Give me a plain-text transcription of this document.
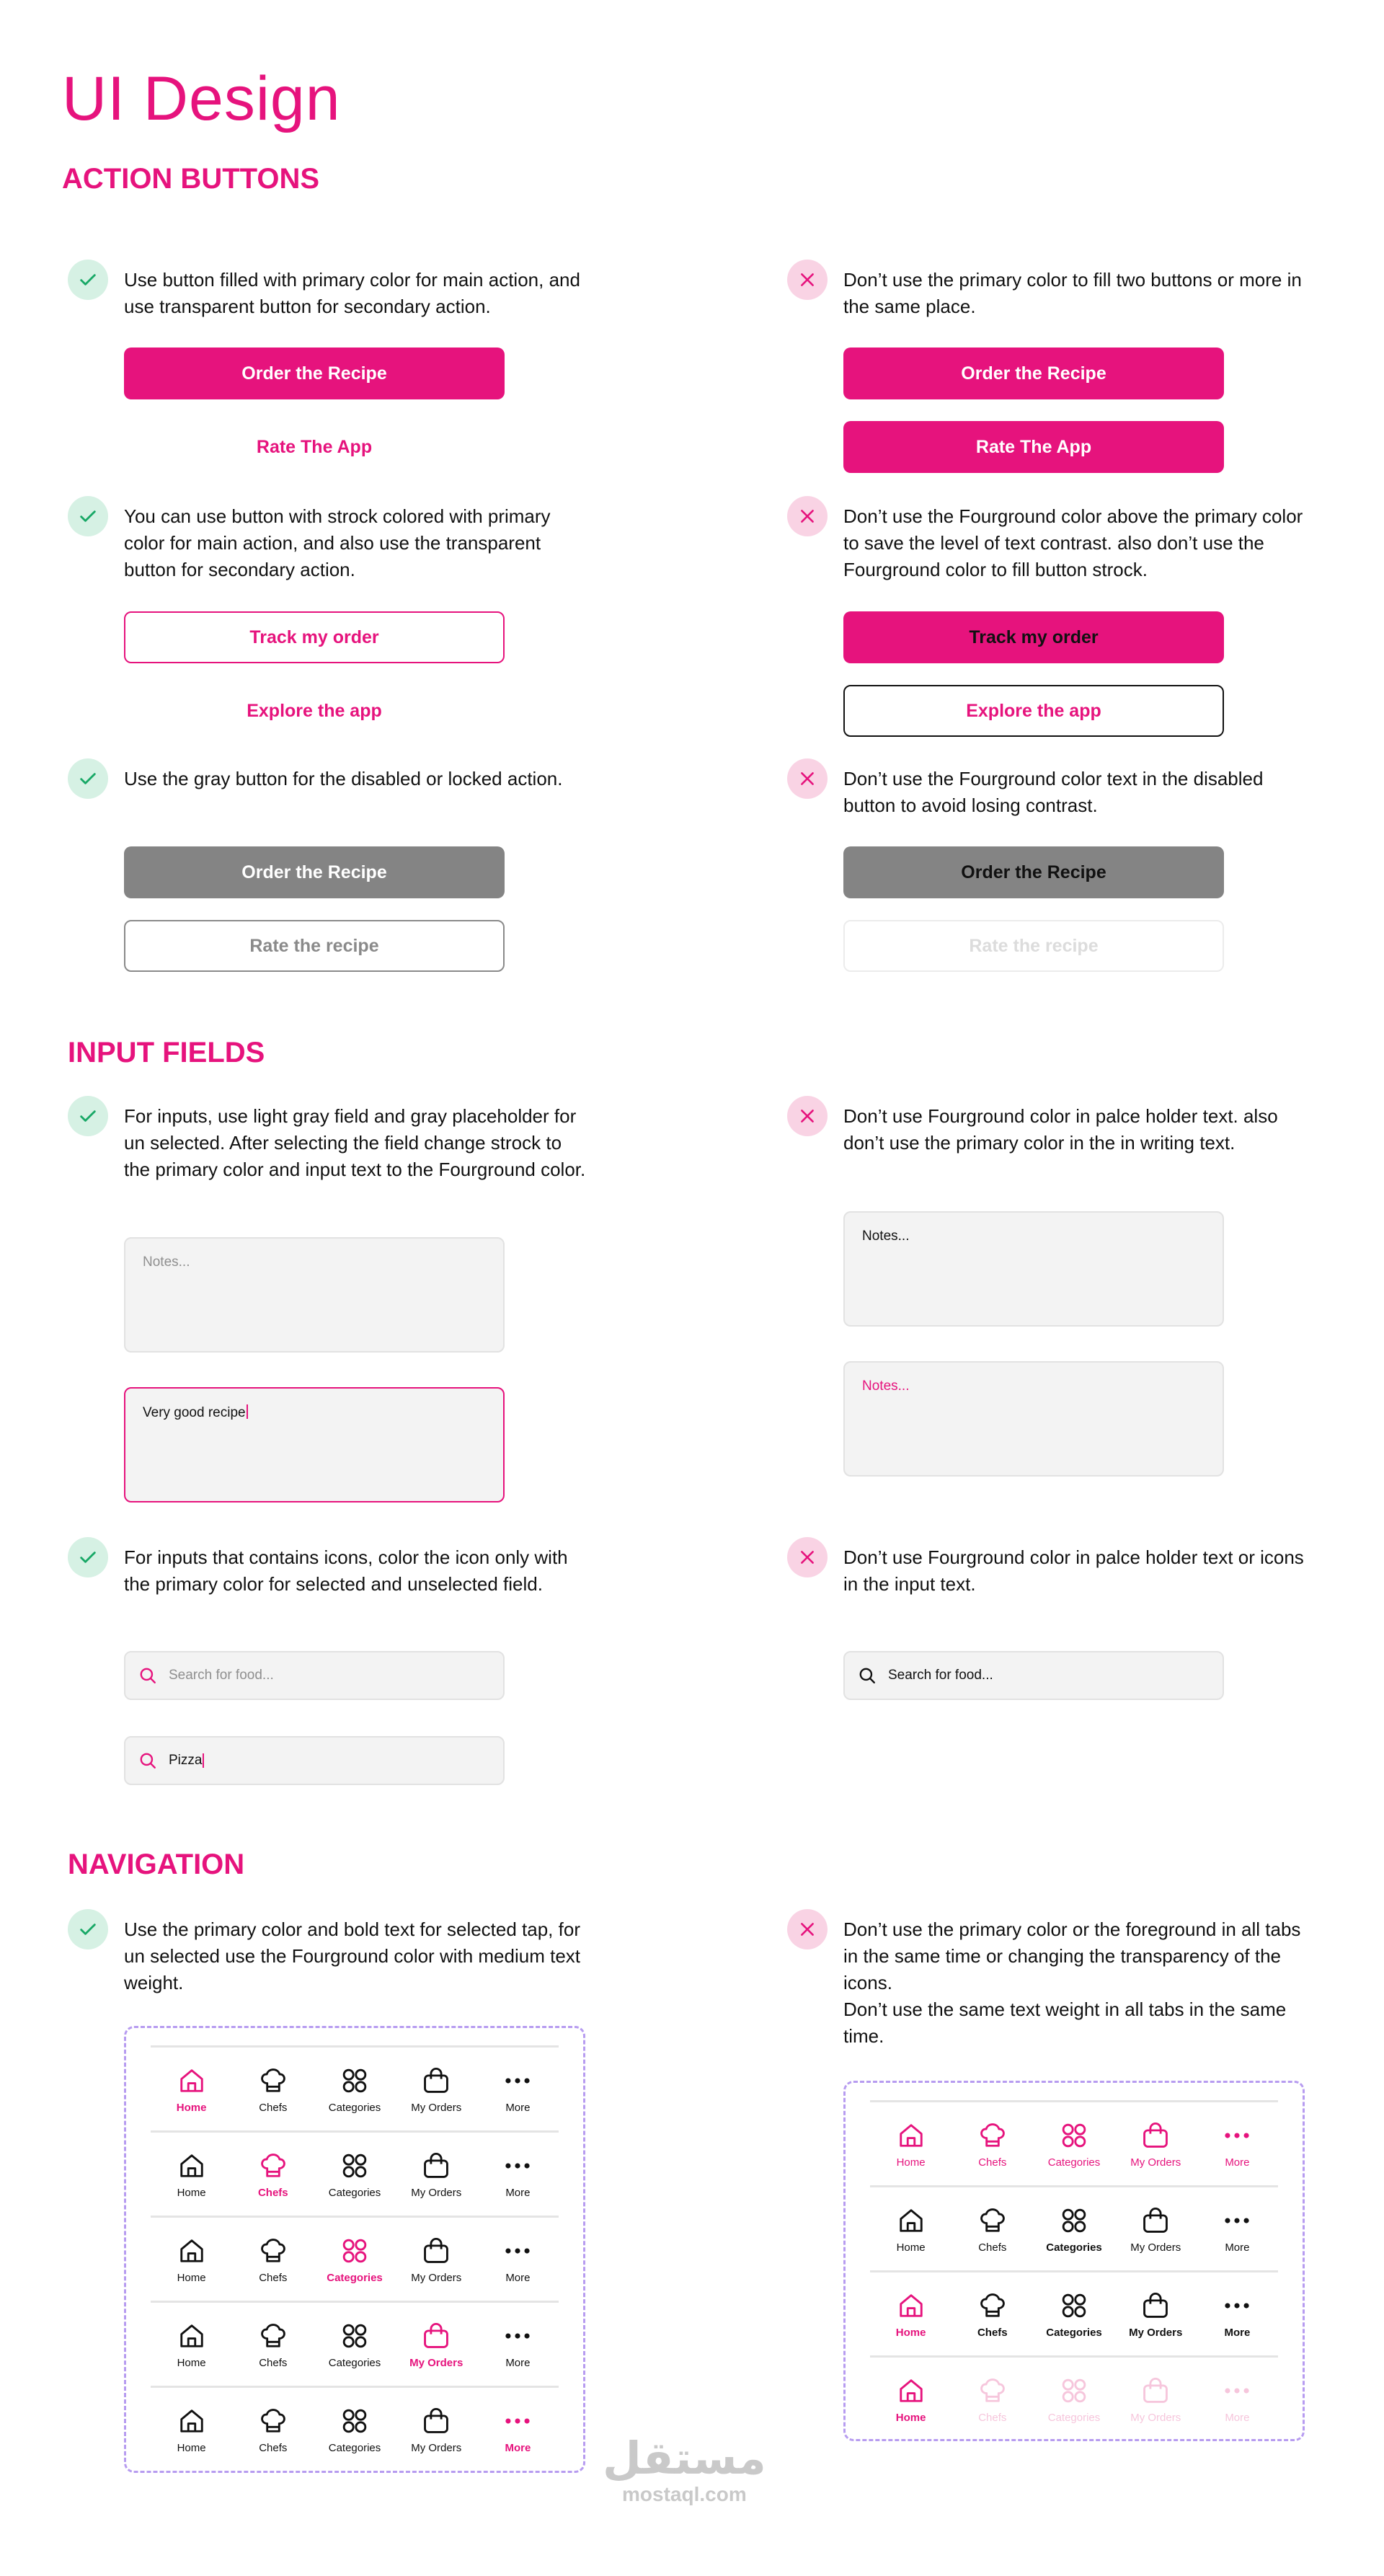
UI Design
ACTION BUTTONS
Use button filled with primary color for main action, and use transparent button for secondary action.
Order the Recipe
Rate The App
Don’t use the primary color to fill two buttons or more in the same place.
Order the Recipe
Rate The App
You can use button with strock colored with primary color for main action, and also use the transparent button for secondary action.
Track my order
Explore the app
Don’t use the Fourground color above the primary color to save the level of text contrast. also don’t use the Fourground color to fill button strock.
Track my order
Explore the app
Use the gray button for the disabled or locked action.
Order the Recipe
Rate the recipe
Don’t use the Fourground color text in the disabled button to avoid losing contrast.
Order the Recipe
Rate the recipe
INPUT FIELDS
For inputs, use light gray field and gray placeholder for un selected. After selecting the field change strock to the primary color and input text to the Fourground color.
Notes...
Very good recipe
Don’t use Fourground color in palce holder text. also don’t use the primary color in the in writing text.
Notes...
Notes...
For inputs that contains icons, color the icon only with the primary color for selected and unselected field.
Search for food...
Pizza
Don’t use Fourground color in palce holder text or icons in the input text.
Search for food...
NAVIGATION
Use the primary color and bold text for selected tap, for un selected use the Fourground color with medium text weight.
Don’t use the primary color or the foreground in all tabs in the same time or changing the transparency of the icons.
Don’t use the same text weight in all tabs in the same time.
Home	Chefs	Categories	My Orders	More
Home	Chefs	Categories	My Orders	More
Home	Chefs	Categories	My Orders	More
Home	Chefs	Categories	My Orders	More
Home	Chefs	Categories	My Orders	More
Home	Chefs	Categories	My Orders	More
Home	Chefs	Categories	My Orders	More
Home	Chefs	Categories My Orders	More
Home	Chefs	Categories	My Orders	More
مستقل
mostaql.com
